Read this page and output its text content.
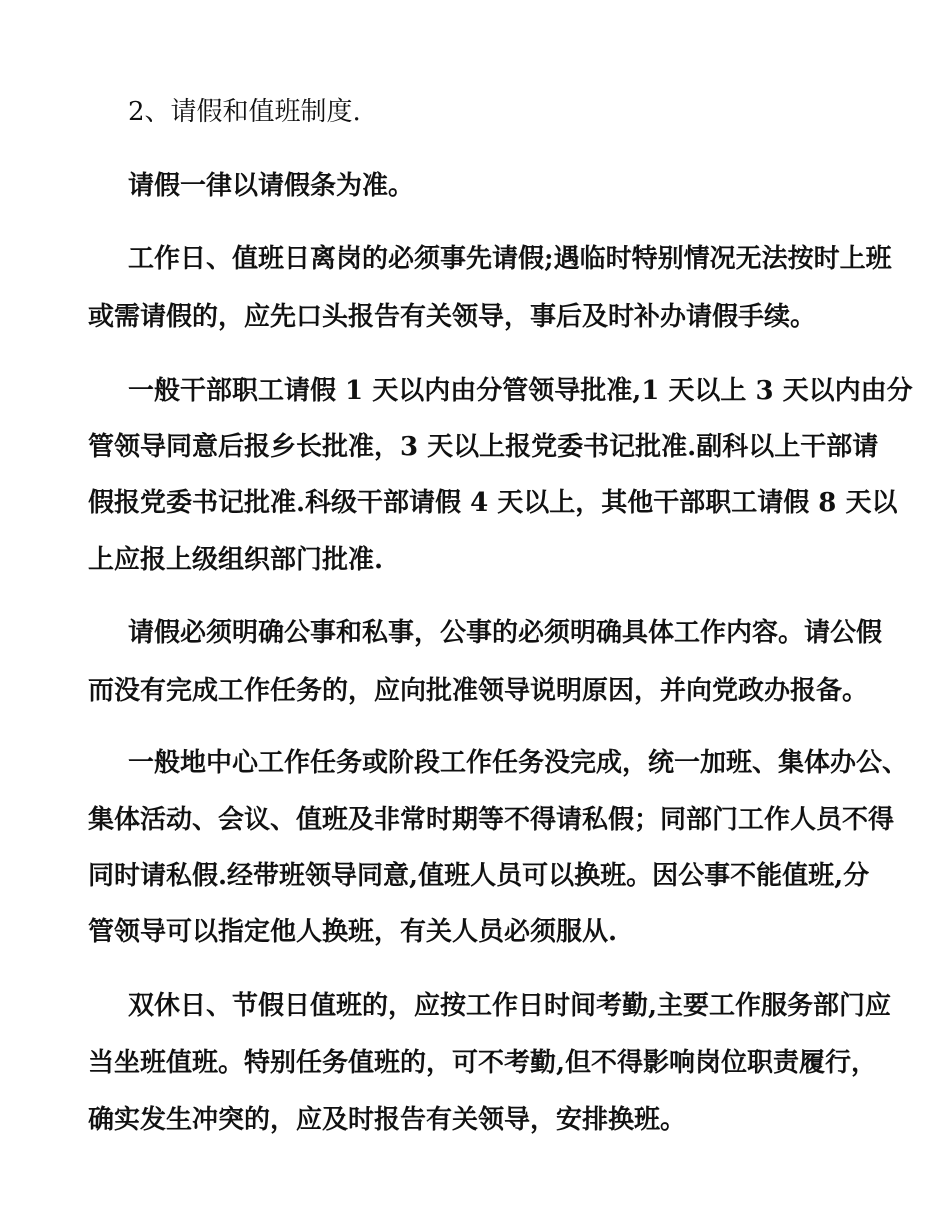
2、请假和值班制度.
请假一律以请假条为准。
工作日、值班日离岗的必须事先请假;遇临时特别情况无法按时上班
或需请假的，应先口头报告有关领导，事后及时补办请假手续。
一般干部职工请假 1 天以内由分管领导批准,1 天以上 3 天以内由分
管领导同意后报乡长批准，3 天以上报党委书记批准.副科以上干部请
假报党委书记批准.科级干部请假 4 天以上，其他干部职工请假 8 天以
上应报上级组织部门批准.
请假必须明确公事和私事，公事的必须明确具体工作内容。请公假
而没有完成工作任务的，应向批准领导说明原因，并向党政办报备。
一般地中心工作任务或阶段工作任务没完成，统一加班、集体办公、
集体活动、会议、值班及非常时期等不得请私假；同部门工作人员不得
同时请私假.经带班领导同意,值班人员可以换班。因公事不能值班,分
管领导可以指定他人换班，有关人员必须服从.
双休日、节假日值班的，应按工作日时间考勤,主要工作服务部门应
当坐班值班。特别任务值班的，可不考勤,但不得影响岗位职责履行，
确实发生冲突的，应及时报告有关领导，安排换班。
